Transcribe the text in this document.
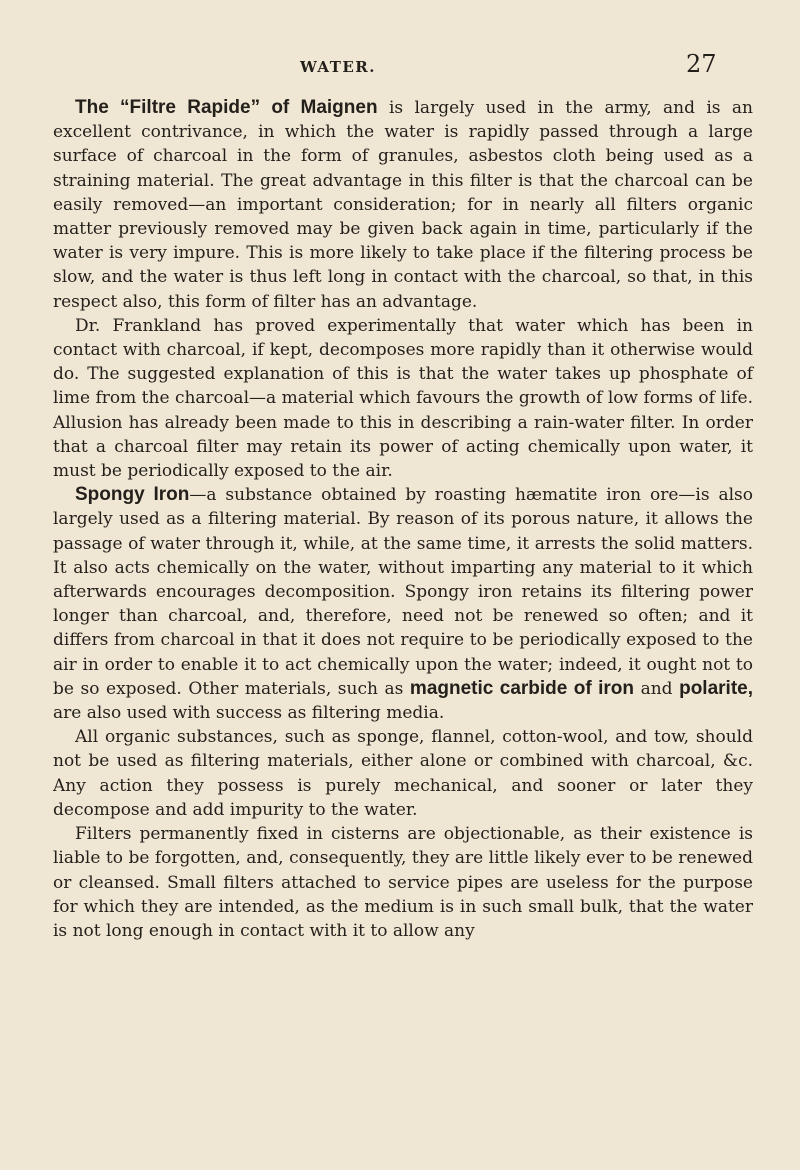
WATER.	27

The “Filtre Rapide” of Maignen is largely used in the army, and is an excellent contrivance, in which the water is rapidly passed through a large surface of charcoal in the form of granules, asbestos cloth being used as a straining material. The great advantage in this filter is that the charcoal can be easily removed—an important consideration; for in nearly all filters organic matter previously removed may be given back again in time, particularly if the water is very impure. This is more likely to take place if the filtering process be slow, and the water is thus left long in contact with the charcoal, so that, in this respect also, this form of filter has an advantage.

Dr. Frankland has proved experimentally that water which has been in contact with charcoal, if kept, decomposes more rapidly than it otherwise would do. The suggested explanation of this is that the water takes up phosphate of lime from the charcoal—a material which favours the growth of low forms of life. Allusion has already been made to this in describing a rain-water filter. In order that a charcoal filter may retain its power of acting chemically upon water, it must be periodically exposed to the air.

Spongy Iron—a substance obtained by roasting hæmatite iron ore—is also largely used as a filtering material. By reason of its porous nature, it allows the passage of water through it, while, at the same time, it arrests the solid matters. It also acts chemically on the water, without imparting any material to it which afterwards encourages decomposition. Spongy iron retains its filtering power longer than charcoal, and, therefore, need not be renewed so often; and it differs from charcoal in that it does not require to be periodically exposed to the air in order to enable it to act chemically upon the water; indeed, it ought not to be so exposed. Other materials, such as magnetic carbide of iron and polarite, are also used with success as filtering media.

All organic substances, such as sponge, flannel, cotton-wool, and tow, should not be used as filtering materials, either alone or combined with charcoal, &c. Any action they possess is purely mechanical, and sooner or later they decompose and add impurity to the water.

Filters permanently fixed in cisterns are objectionable, as their existence is liable to be forgotten, and, consequently, they are little likely ever to be renewed or cleansed. Small filters attached to service pipes are useless for the purpose for which they are intended, as the medium is in such small bulk, that the water is not long enough in contact with it to allow any
